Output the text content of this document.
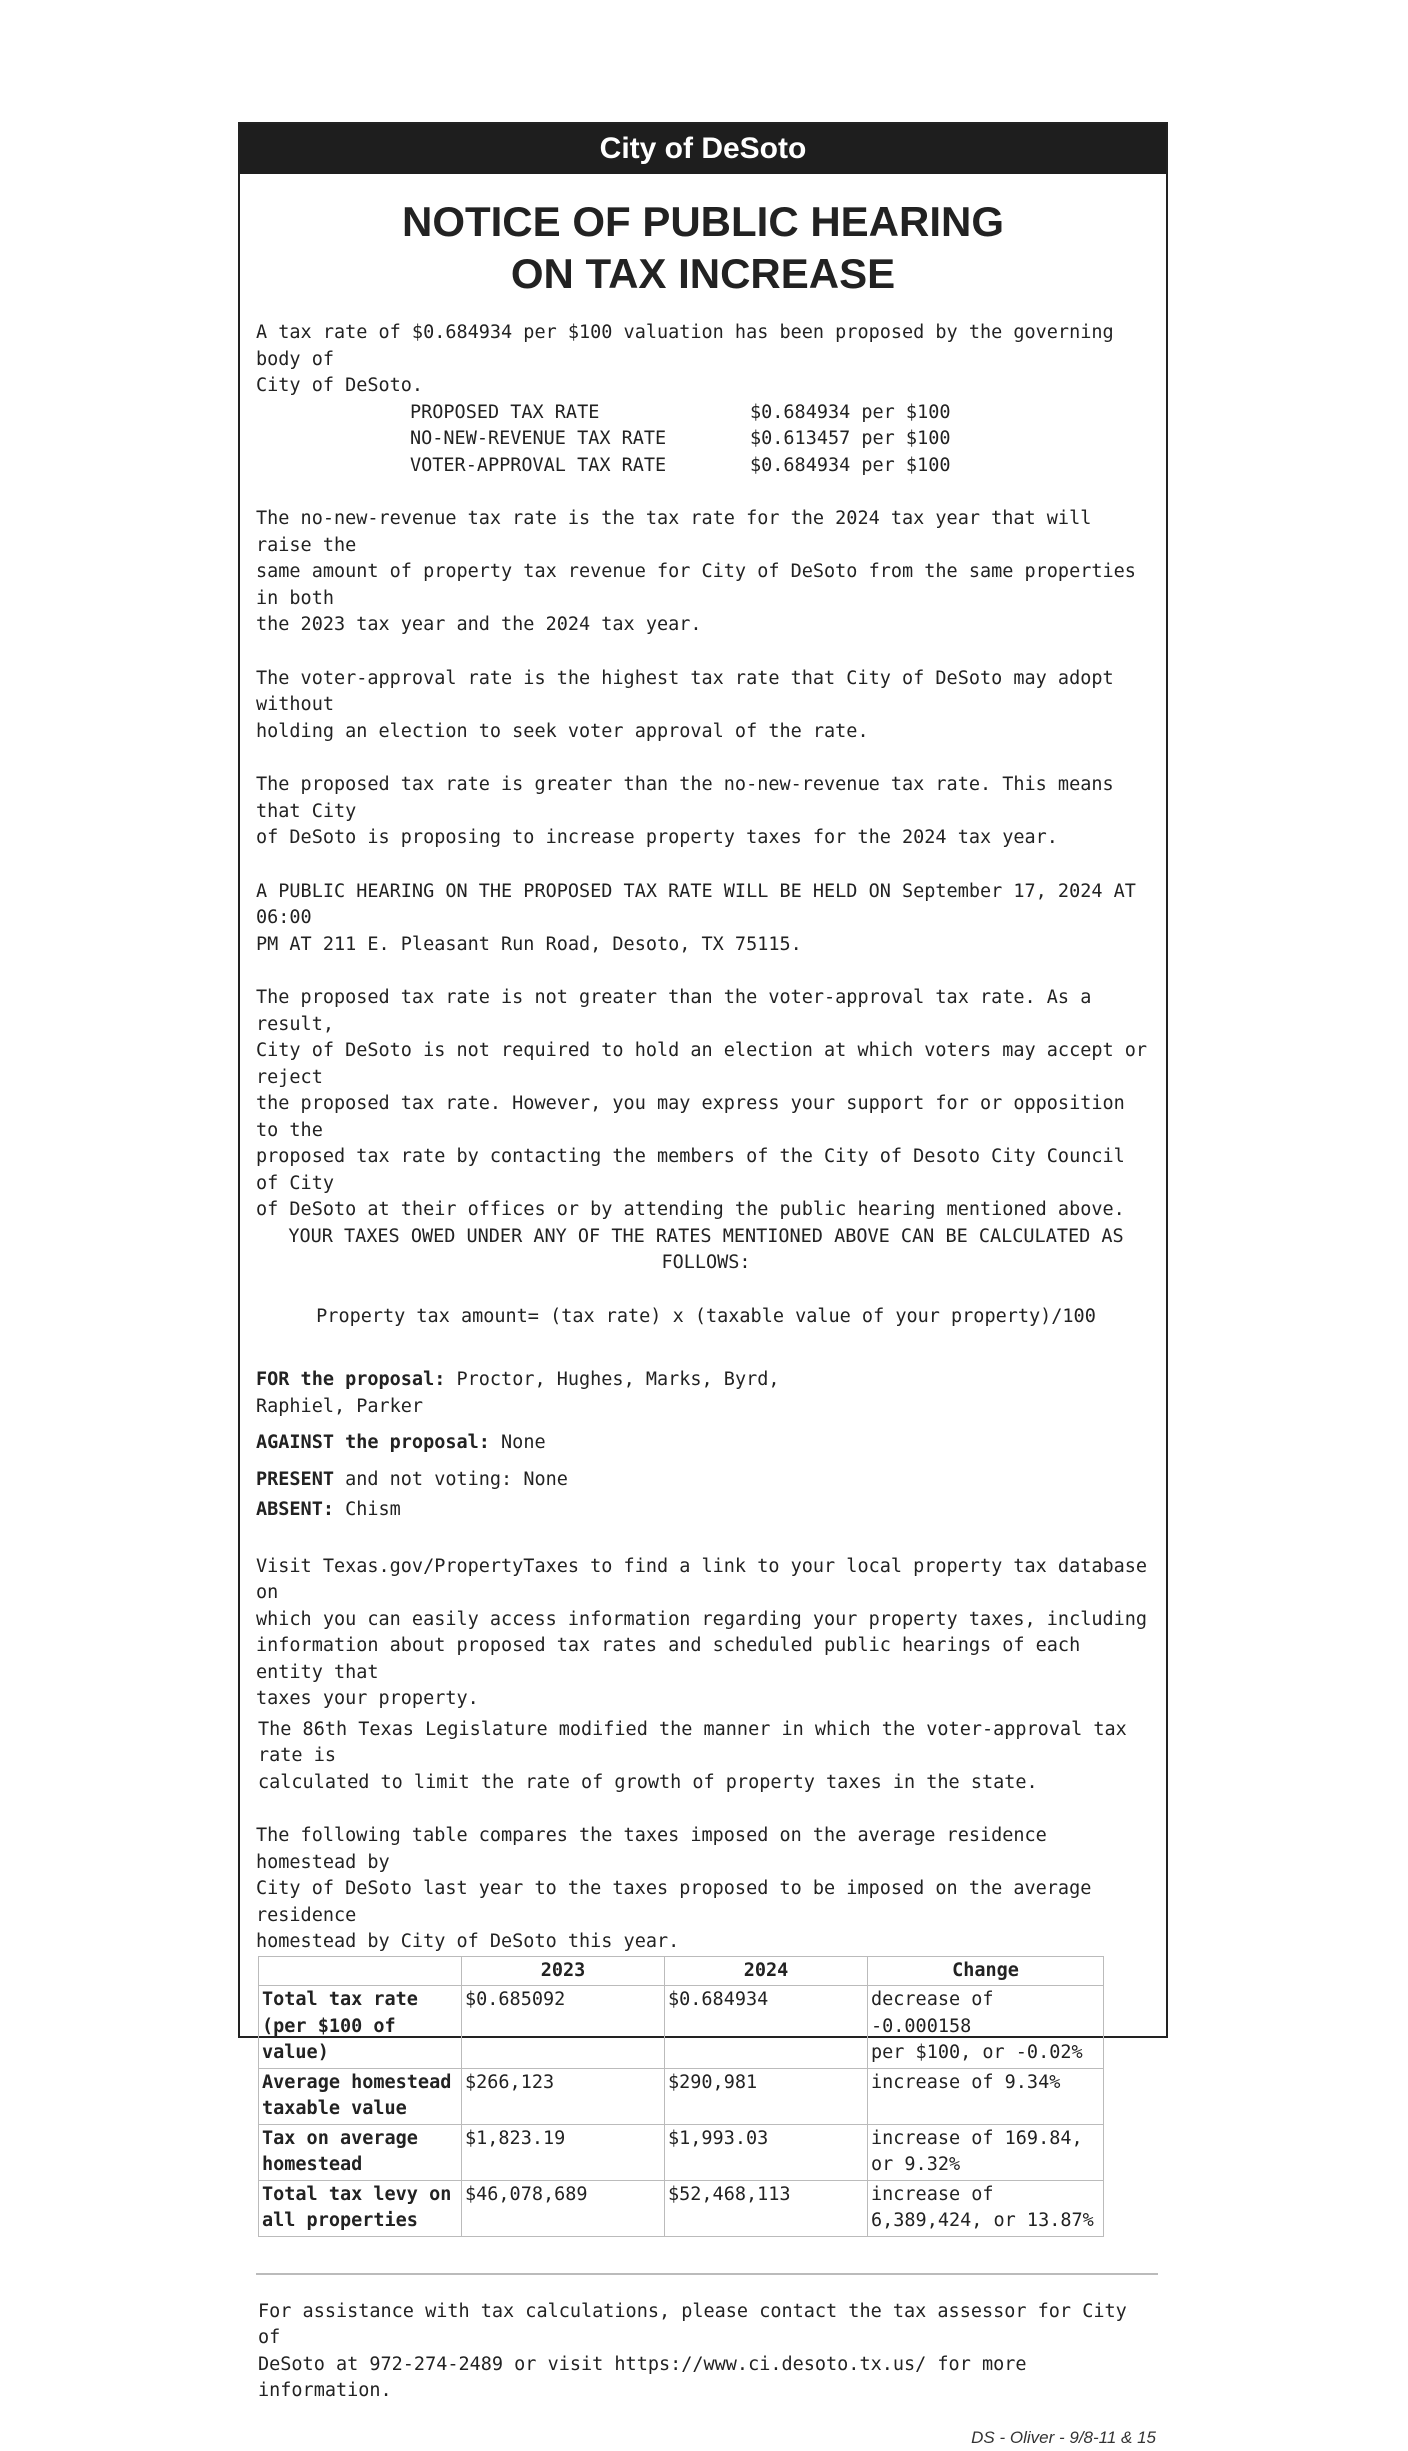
City of DeSoto
NOTICE OF PUBLIC HEARING
ON TAX INCREASE

A tax rate of $0.684934 per $100 valuation has been proposed by the governing body of
City of DeSoto.

PROPOSED TAX RATE	$0.684934 per $100
NO-NEW-REVENUE TAX RATE	$0.613457 per $100
VOTER-APPROVAL TAX RATE	$0.684934 per $100

The no-new-revenue tax rate is the tax rate for the 2024 tax year that will raise the
same amount of property tax revenue for City of DeSoto from the same properties in both
the 2023 tax year and the 2024 tax year.

The voter-approval rate is the highest tax rate that City of DeSoto may adopt without
holding an election to seek voter approval of the rate.

The proposed tax rate is greater than the no-new-revenue tax rate. This means that City
of DeSoto is proposing to increase property taxes for the 2024 tax year.

A PUBLIC HEARING ON THE PROPOSED TAX RATE WILL BE HELD ON September 17, 2024 AT 06:00
PM AT 211 E. Pleasant Run Road, Desoto, TX 75115.

The proposed tax rate is not greater than the voter-approval tax rate. As a result,
City of DeSoto is not required to hold an election at which voters may accept or reject
the proposed tax rate. However, you may express your support for or opposition to the
proposed tax rate by contacting the members of the City of Desoto City Council of City
of DeSoto at their offices or by attending the public hearing mentioned above.

YOUR TAXES OWED UNDER ANY OF THE RATES MENTIONED ABOVE CAN BE CALCULATED AS FOLLOWS:

Property tax amount= (tax rate) x (taxable value of your property)/100

FOR the proposal: Proctor, Hughes, Marks, Byrd,
Raphiel, Parker

AGAINST the proposal: None

PRESENT and not voting: None

ABSENT: Chism

Visit Texas.gov/PropertyTaxes to find a link to your local property tax database on
which you can easily access information regarding your property taxes, including
information about proposed tax rates and scheduled public hearings of each entity that
taxes your property.

The 86th Texas Legislature modified the manner in which the voter-approval tax rate is
calculated to limit the rate of growth of property taxes in the state.

The following table compares the taxes imposed on the average residence homestead by
City of DeSoto last year to the taxes proposed to be imposed on the average residence
homestead by City of DeSoto this year.

	2023	2024	Change
Total tax rate
(per $100 of
value)	$0.685092	$0.684934	decrease of -0.000158
per $100, or -0.02%
Average homestead
taxable value	$266,123	$290,981	increase of 9.34%
Tax on average
homestead	$1,823.19	$1,993.03	increase of 169.84,
or 9.32%
Total tax levy on
all properties	$46,078,689	$52,468,113	increase of
6,389,424, or 13.87%

For assistance with tax calculations, please contact the tax assessor for City of
DeSoto at 972-274-2489 or visit https://www.ci.desoto.tx.us/ for more information.

DS - Oliver - 9/8-11 & 15
